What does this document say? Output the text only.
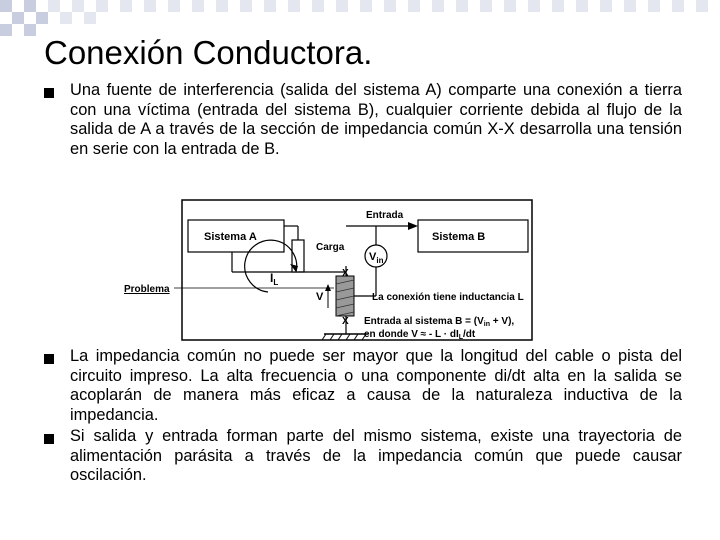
Conexión Conductora.
Una fuente de interferencia (salida del sistema A) comparte una conexión a tierra con una víctima (entrada del sistema B), cualquier corriente debida al flujo de la salida de A a través de la sección de impedancia común X-X desarrolla una tensión en serie con la entrada de B.
La impedancia común no puede ser mayor que la longitud del cable o pista del circuito impreso. La alta frecuencia o una componente di/dt alta en la salida se acoplarán de manera más eficaz a causa de la naturaleza inductiva de la impedancia.
Si salida y entrada forman parte del mismo sistema, existe una trayectoria de alimentación parásita a través de la impedancia común que puede causar oscilación.
Sistema A	Sistema B
Carga
Entrada
$V_{in}$
$I_L$
X
X
V
Problema
La conexión tiene inductancia L
Entrada al sistema $B = (V_{in} + V)$,
en donde V ≈ - $L \cdot dI_L/dt$
